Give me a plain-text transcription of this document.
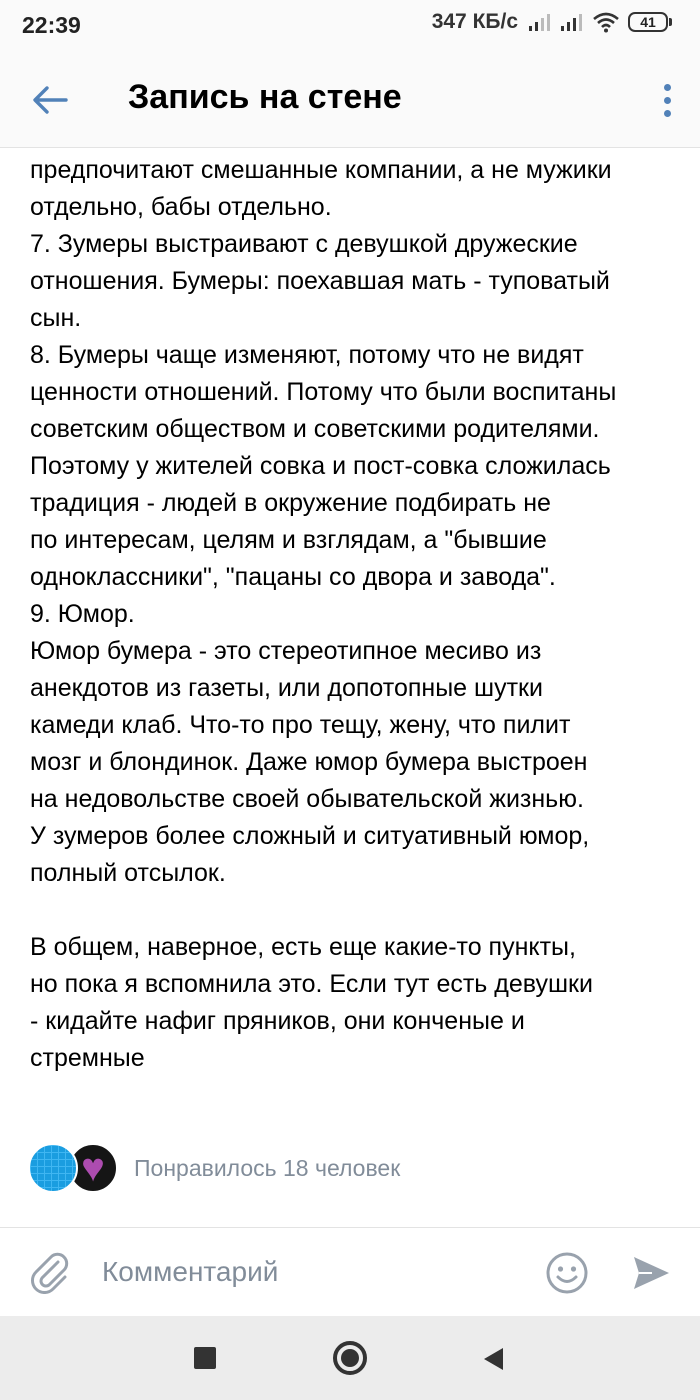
22:39	347 КБ/с	41
Запись на стене
предпочитают смешанные компании, а не мужики
отдельно, бабы отдельно.
7. Зумеры выстраивают с девушкой дружеские
отношения. Бумеры: поехавшая мать - туповатый
сын.
8. Бумеры чаще изменяют, потому что не видят
ценности отношений. Потому что были воспитаны
советским обществом и советскими родителями.
Поэтому у жителей совка и пост-совка сложилась
традиция - людей в окружение подбирать не
по интересам, целям и взглядам, а "бывшие
одноклассники", "пацаны со двора и завода".
9. Юмор.
Юмор бумера - это стереотипное месиво из
анекдотов из газеты, или допотопные шутки
камеди клаб. Что-то про тещу, жену, что пилит
мозг и блондинок. Даже юмор бумера выстроен
на недовольстве своей обывательской жизнью.
У зумеров более сложный и ситуативный юмор,
полный отсылок.
В общем, наверное, есть еще какие-то пункты,
но пока я вспомнила это. Если тут есть девушки
- кидайте нафиг пряников, они конченые и
стремные
♥ Понравилось 18 человек
Комментарий
